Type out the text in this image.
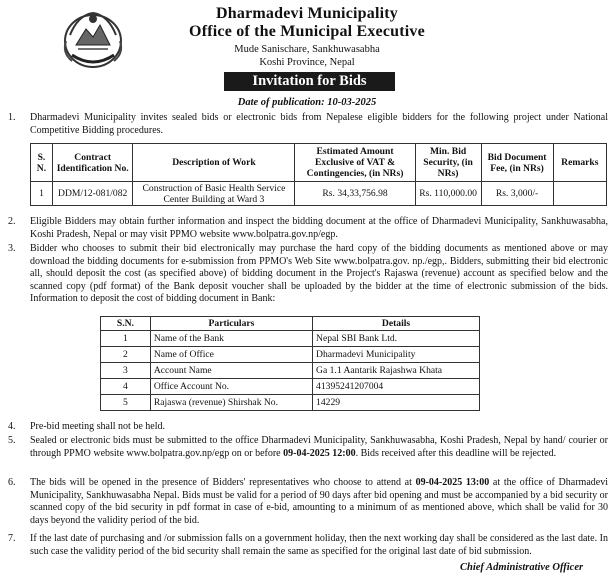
Dharmadevi Municipality
Office of the Municipal Executive
Mude Sanischare, Sankhuwasabha
Koshi Province, Nepal
Invitation for Bids
Date of publication: 10-03-2025
1. Dharmadevi Municipality invites sealed bids or electronic bids from Nepalese eligible bidders for the following project under National Competitive Bidding procedures.
S. N.	Contract Identification No.	Description of Work	Estimated Amount Exclusive of VAT & Contingencies, (in NRs)	Min. Bid Security, (in NRs)	Bid Document Fee, (in NRs)	Remarks
1	DDM/12-081/082	Construction of Basic Health Service Center Building at Ward 3	Rs. 34,33,756.98	Rs. 110,000.00	Rs. 3,000/-	
2. Eligible Bidders may obtain further information and inspect the bidding document at the office of Dharmadevi Municipality, Sankhuwasabha, Koshi Pradesh, Nepal or may visit PPMO website www.bolpatra.gov.np/egp.
3. Bidder who chooses to submit their bid electronically may purchase the hard copy of the bidding documents as mentioned above or may download the bidding documents for e-submission from PPMO's Web Site www.bolpatra.gov. np./egp,. Bidders, submitting their bid electronic all, should deposit the cost (as specified above) of bidding document in the Project's Rajaswa (revenue) account as specified below and the scanned copy (pdf format) of the Bank deposit voucher shall be uploaded by the bidder at the time of electronic submission of the bids. Information to deposit the cost of bidding document in Bank:
S.N.	Particulars	Details
1	Name of the Bank	Nepal SBI Bank Ltd.
2	Name of Office	Dharmadevi Municipality
3	Account Name	Ga 1.1 Aantarik Rajashwa Khata
4	Office Account No.	41395241207004
5	Rajaswa (revenue) Shirshak No.	14229
4. Pre-bid meeting shall not be held.
5. Sealed or electronic bids must be submitted to the office Dharmadevi Municipality, Sankhuwasabha, Koshi Pradesh, Nepal by hand/ courier or through PPMO website www.bolpatra.gov.np/egp on or before 09-04-2025 12:00. Bids received after this deadline will be rejected.
6. The bids will be opened in the presence of Bidders' representatives who choose to attend at 09-04-2025 13:00 at the office of Dharmadevi Municipality, Sankhuwasabha Nepal. Bids must be valid for a period of 90 days after bid opening and must be accompanied by a bid security or scanned copy of the bid security in pdf format in case of e-bid, amounting to a minimum of as mentioned above, which shall be valid for 30 days beyond the validity period of the bid.
7. If the last date of purchasing and /or submission falls on a government holiday, then the next working day shall be considered as the last date. In such case the validity period of the bid security shall remain the same as specified for the original last date of bid submission.
Chief Administrative Officer
